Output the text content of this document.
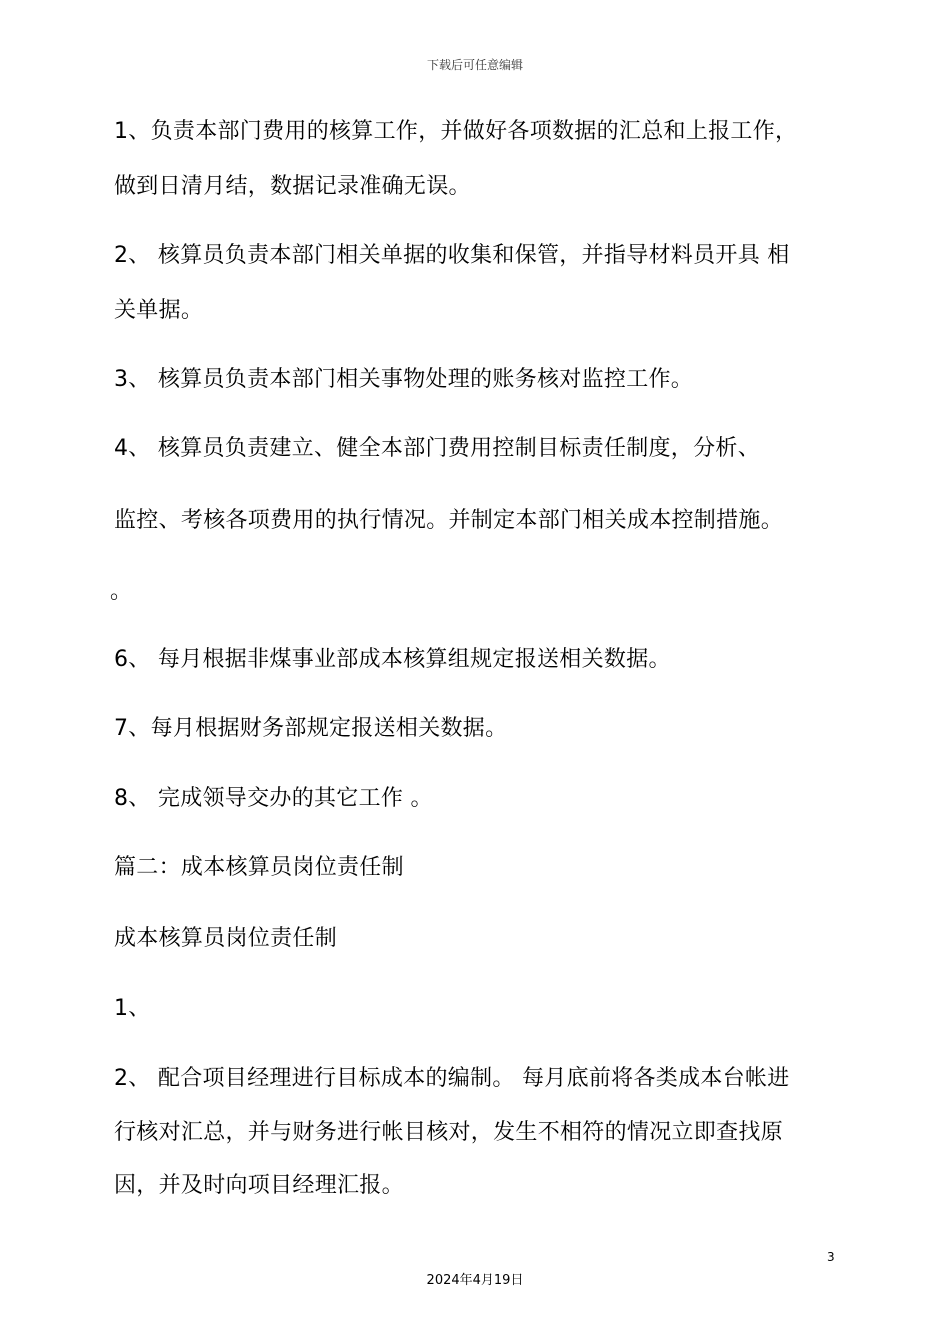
下载后可任意编辑
1、负责本部门费用的核算工作，并做好各项数据的汇总和上报工作，
做到日清月结，数据记录准确无误。
2、 核算员负责本部门相关单据的收集和保管，并指导材料员开具 相
关单据。
3、 核算员负责本部门相关事物处理的账务核对监控工作。
4、 核算员负责建立、健全本部门费用控制目标责任制度，分析、
监控、考核各项费用的执行情况。并制定本部门相关成本控制措施。
。
6、 每月根据非煤事业部成本核算组规定报送相关数据。
7、每月根据财务部规定报送相关数据。
8、 完成领导交办的其它工作 。
篇二：成本核算员岗位责任制
成本核算员岗位责任制
1、
2、 配合项目经理进行目标成本的编制。 每月底前将各类成本台帐进
行核对汇总，并与财务进行帐目核对，发生不相符的情况立即查找原
因，并及时向项目经理汇报。
3
2024年4月19日
